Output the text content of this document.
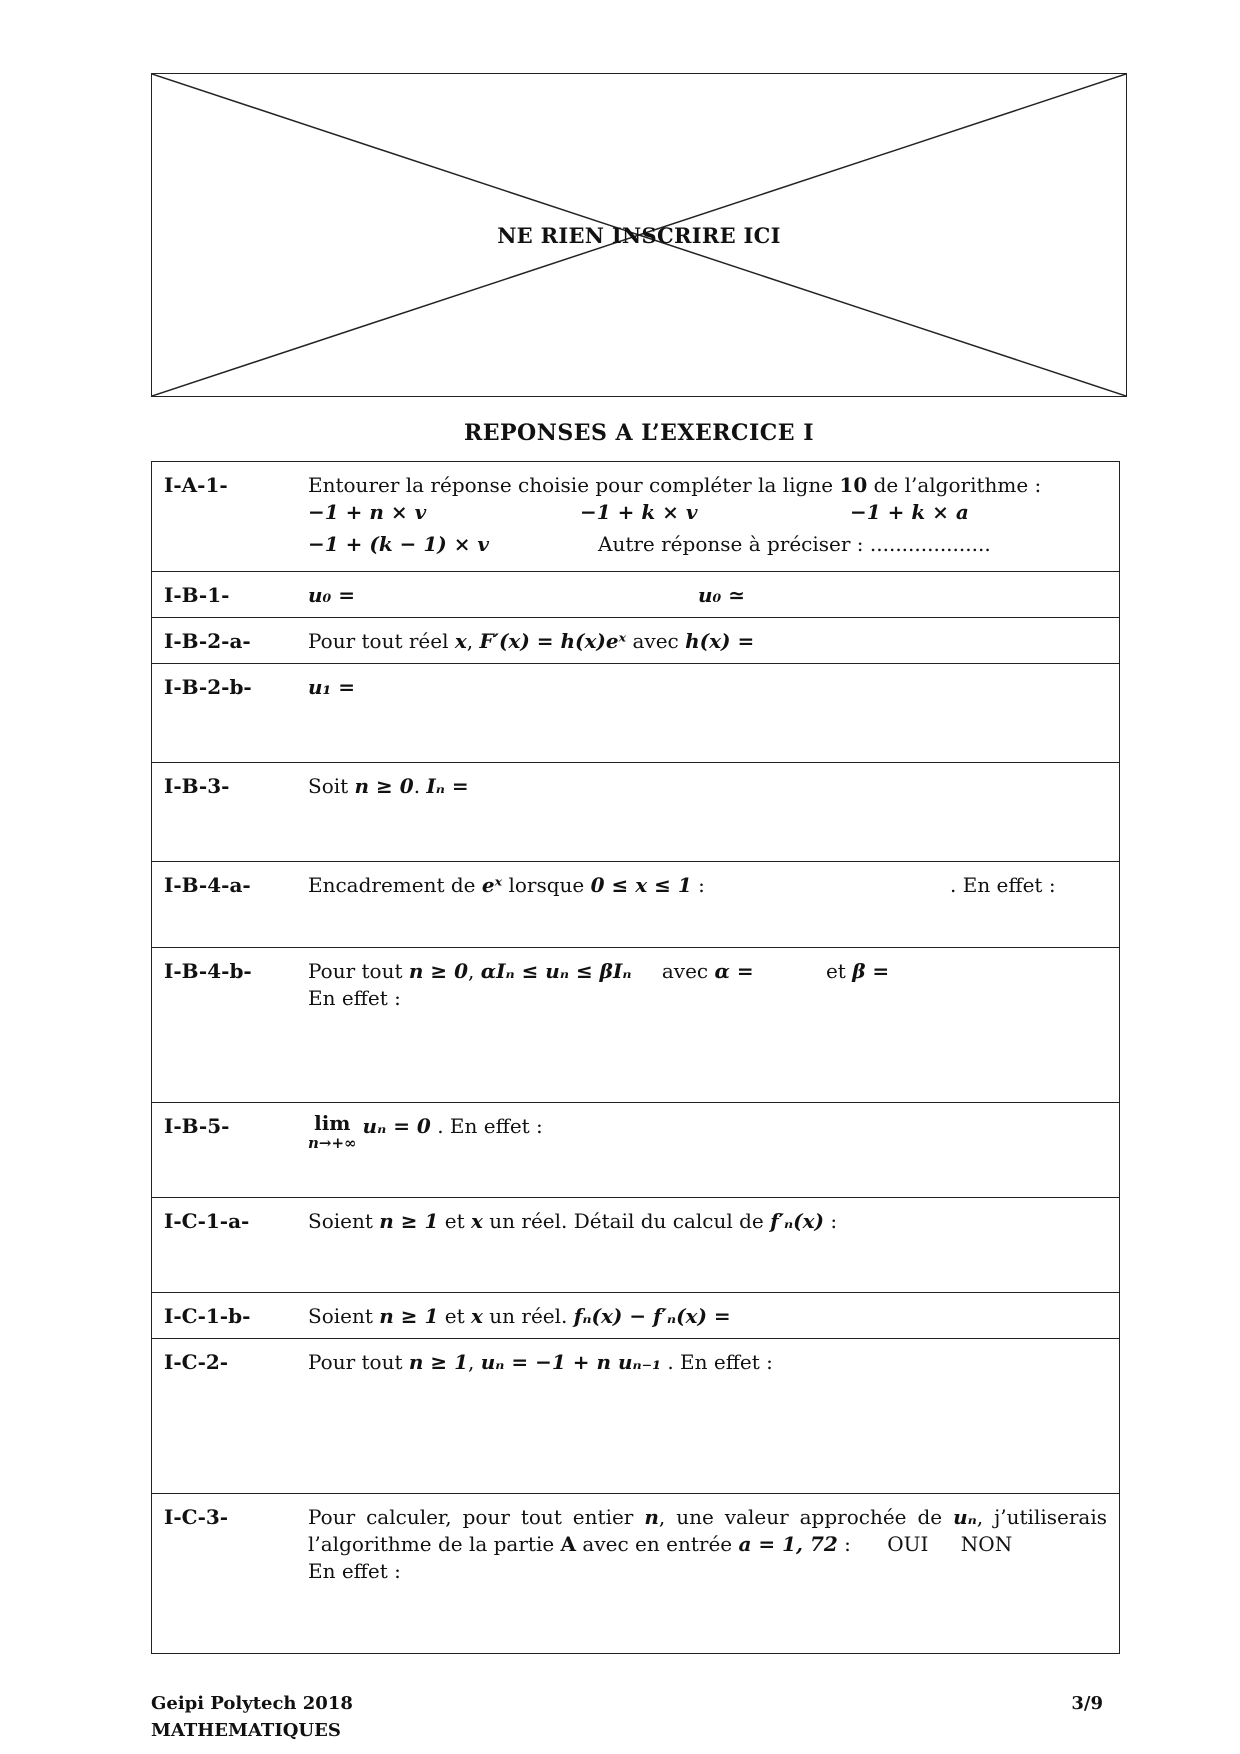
NE RIEN INSCRIRE ICI
REPONSES A L’EXERCICE I
I-A-1-	Entourer la réponse choisie pour compléter la ligne 10 de l’algorithme :
−1 + n × v	−1 + k × v	−1 + k × a
−1 + (k − 1) × v	Autre réponse à préciser : ...................
I-B-1-	u₀ =	u₀ ≃
I-B-2-a-	Pour tout réel x, F′(x) = h(x)eˣ avec h(x) =
I-B-2-b-	u₁ =
I-B-3-	Soit n ≥ 0. Iₙ =
I-B-4-a-	Encadrement de eˣ lorsque 0 ≤ x ≤ 1 :	. En effet :
I-B-4-b-	Pour tout n ≥ 0, αIₙ ≤ uₙ ≤ βIₙ avec α =	et β =
En effet :
I-B-5-	lim
n→+∞
uₙ = 0 . En effet :
I-C-1-a-	Soient n ≥ 1 et x un réel. Détail du calcul de f′ₙ(x) :
I-C-1-b-	Soient n ≥ 1 et x un réel. fₙ(x) − f′ₙ(x) =
I-C-2-	Pour tout n ≥ 1, uₙ = −1 + n uₙ₋₁ . En effet :
I-C-3-	Pour calculer, pour tout entier n, une valeur approchée de uₙ, j’utiliserais l’algorithme de la partie A avec en entrée a = 1, 72 : OUI NON
En effet :
Geipi Polytech 2018
MATHEMATIQUES
3/9
